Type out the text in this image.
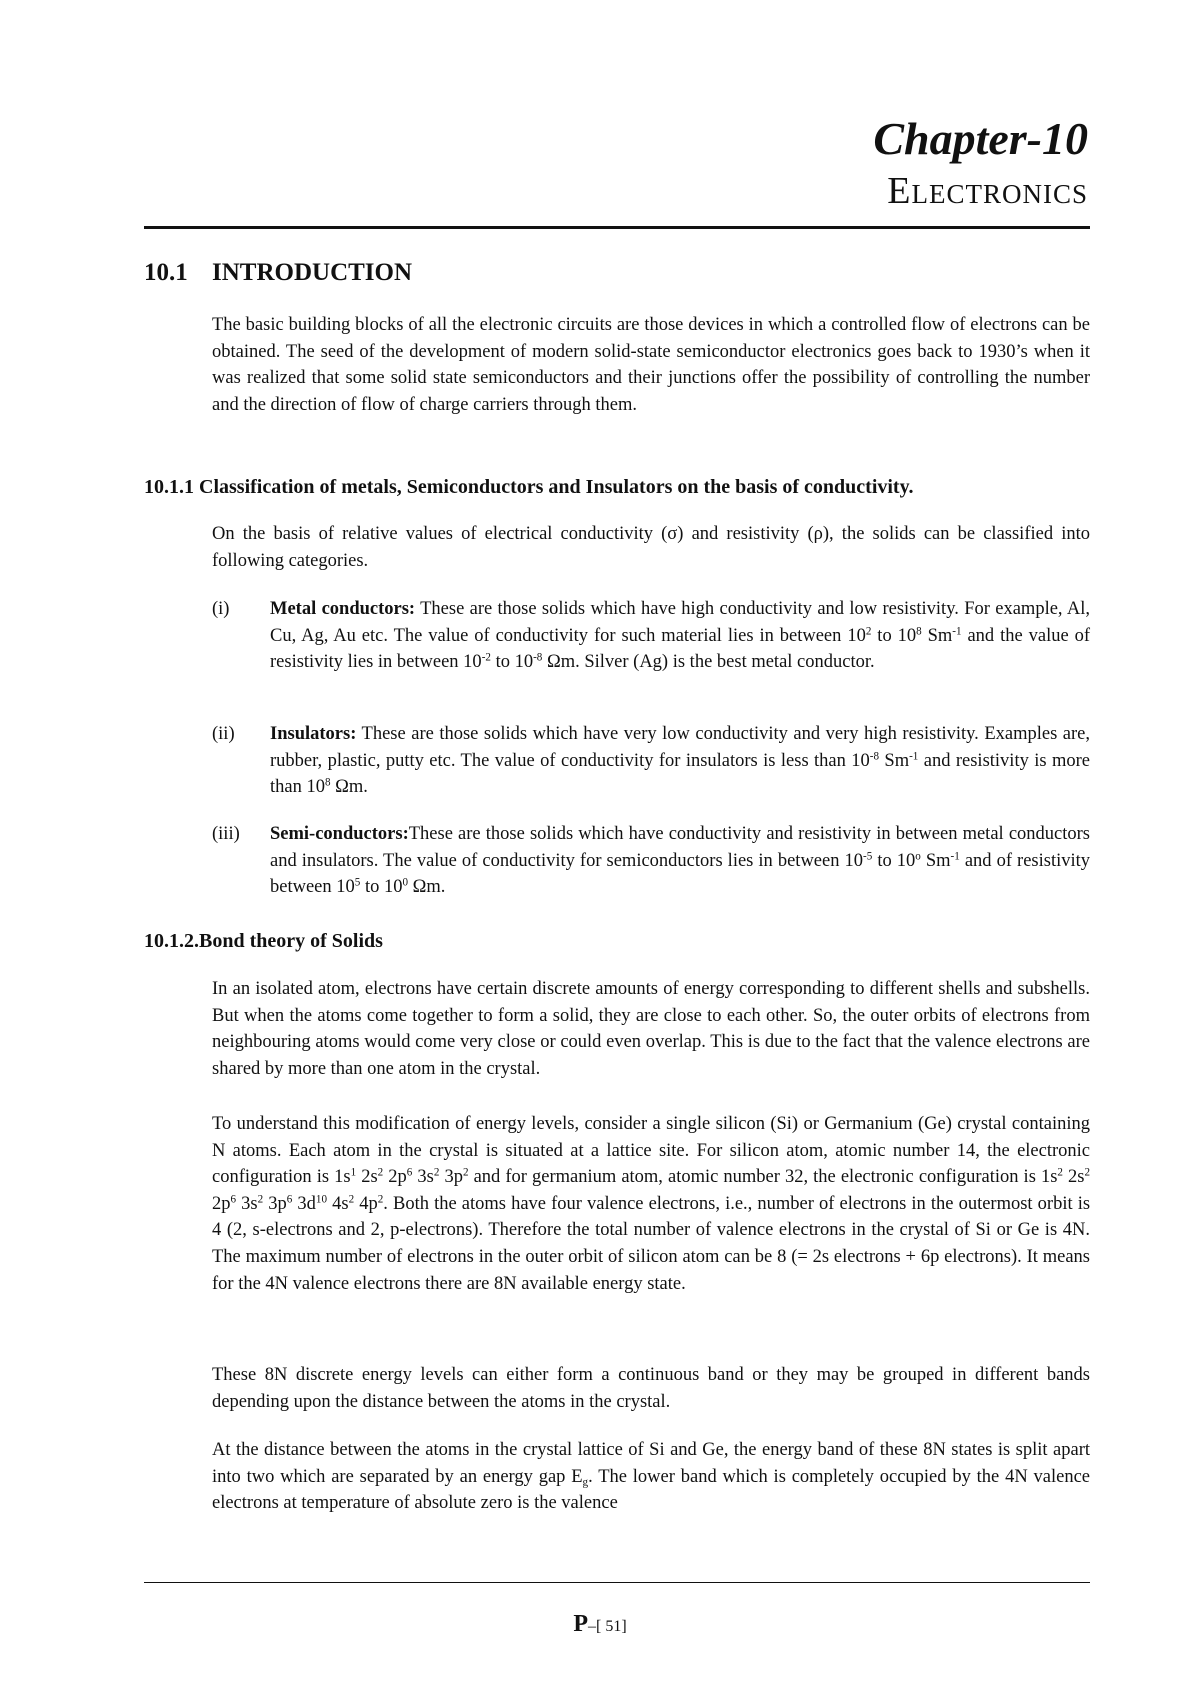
Chapter-10
Electronics
10.1 INTRODUCTION
The basic building blocks of all the electronic circuits are those devices in which a controlled flow of electrons can be obtained. The seed of the development of modern solid-state semiconductor electronics goes back to 1930’s when it was realized that some solid state semiconductors and their junctions offer the possibility of controlling the number and the direction of flow of charge carriers through them.
10.1.1 Classification of metals, Semiconductors and Insulators on the basis of conductivity.
On the basis of relative values of electrical conductivity (σ) and resistivity (ρ), the solids can be classified into following categories.
(i) Metal conductors: These are those solids which have high conductivity and low resistivity. For example, Al, Cu, Ag, Au etc. The value of conductivity for such material lies in between $10^2$ to $10^8$ $Sm^{-1}$ and the value of resistivity lies in between $10^{-2}$ to $10^{-8}$ Ωm. Silver (Ag) is the best metal conductor.
(ii) Insulators: These are those solids which have very low conductivity and very high resistivity. Examples are, rubber, plastic, putty etc. The value of conductivity for insulators is less than $10^{-8}$ $Sm^{-1}$ and resistivity is more than $10^8$ Ωm.
(iii) Semi-conductors:These are those solids which have conductivity and resistivity in between metal conductors and insulators. The value of conductivity for semiconductors lies in between $10^{-5}$ to 10$^o$ $Sm^{-1}$ and of resistivity between $10^5$ to $10^0$ Ωm.
10.1.2.Bond theory of Solids
In an isolated atom, electrons have certain discrete amounts of energy corresponding to different shells and subshells. But when the atoms come together to form a solid, they are close to each other. So, the outer orbits of electrons from neighbouring atoms would come very close or could even overlap. This is due to the fact that the valence electrons are shared by more than one atom in the crystal.
To understand this modification of energy levels, consider a single silicon (Si) or Germanium (Ge) crystal containing N atoms. Each atom in the crystal is situated at a lattice site. For silicon atom, atomic number 14, the electronic configuration is $1s^1$ $2s^2$ $2p^6$ $3s^2$ $3p^2$ and for germanium atom, atomic number 32, the electronic configuration is $1s^2$ $2s^2$ $2p^6$ $3s^2$ $3p^6$ $3d^{10}$ $4s^2$ $4p^2$. Both the atoms have four valence electrons, i.e., number of electrons in the outermost orbit is 4 (2, s-electrons and 2, p-electrons). Therefore the total number of valence electrons in the crystal of Si or Ge is 4N. The maximum number of electrons in the outer orbit of silicon atom can be 8 (= 2s electrons + 6p electrons). It means for the 4N valence electrons there are 8N available energy state.
These 8N discrete energy levels can either form a continuous band or they may be grouped in different bands depending upon the distance between the atoms in the crystal.
At the distance between the atoms in the crystal lattice of Si and Ge, the energy band of these 8N states is split apart into two which are separated by an energy gap $E_g$. The lower band which is completely occupied by the 4N valence electrons at temperature of absolute zero is the valence
P–[ 51]
